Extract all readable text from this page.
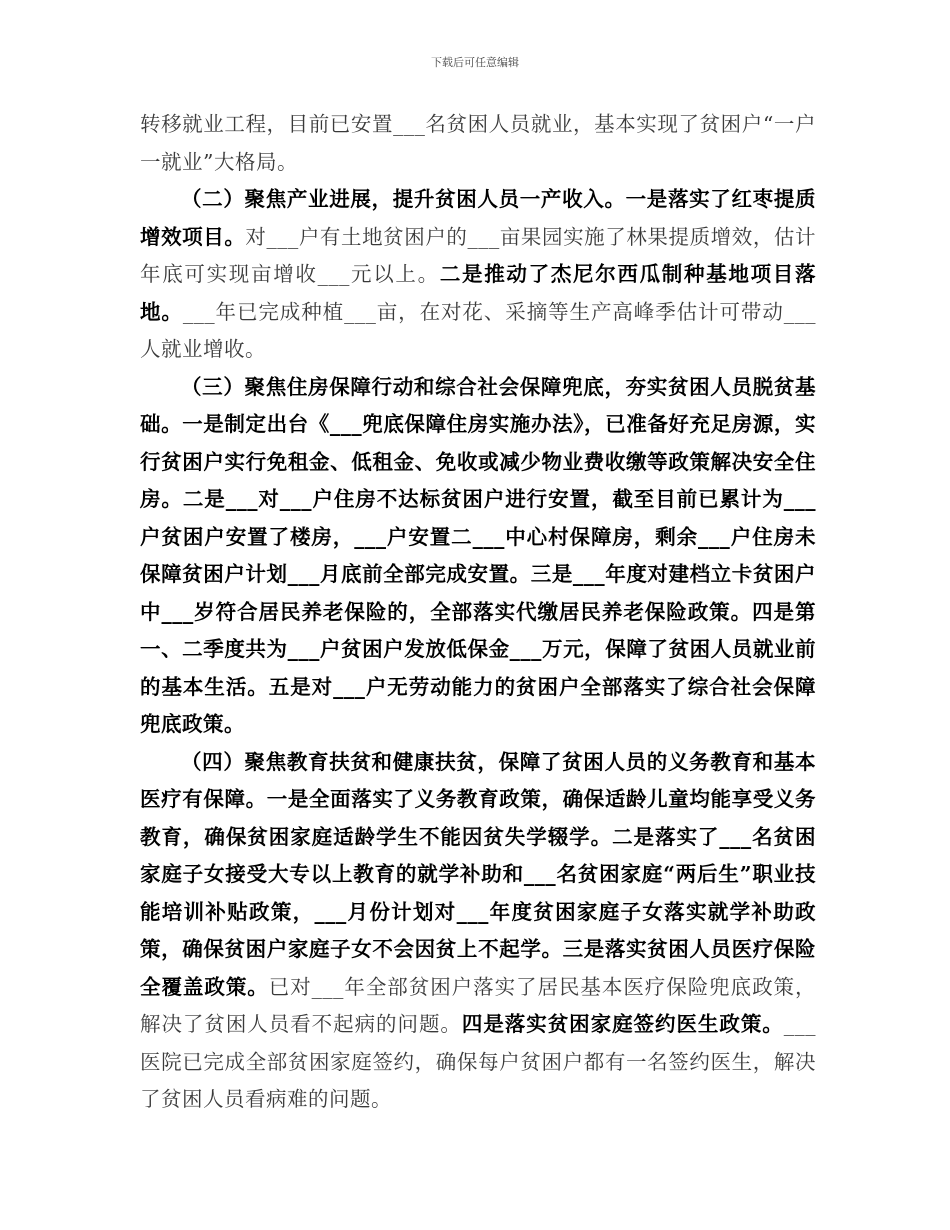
下载后可任意编辑

转移就业工程，目前已安置___名贫困人员就业，基本实现了贫困户“一户一就业”大格局。

（二）聚焦产业进展，提升贫困人员一产收入。一是落实了红枣提质增效项目。对___户有土地贫困户的___亩果园实施了林果提质增效，估计年底可实现亩增收___元以上。二是推动了杰尼尔西瓜制种基地项目落地。___年已完成种植___亩，在对花、采摘等生产高峰季估计可带动___人就业增收。

（三）聚焦住房保障行动和综合社会保障兜底，夯实贫困人员脱贫基础。一是制定出台《___兜底保障住房实施办法》，已准备好充足房源，实行贫困户实行免租金、低租金、免收或减少物业费收缴等政策解决安全住房。二是___对___户住房不达标贫困户进行安置，截至目前已累计为___户贫困户安置了楼房，___户安置二___中心村保障房，剩余___户住房未保障贫困户计划___月底前全部完成安置。三是___年度对建档立卡贫困户中___岁符合居民养老保险的，全部落实代缴居民养老保险政策。四是第一、二季度共为___户贫困户发放低保金___万元，保障了贫困人员就业前的基本生活。五是对___户无劳动能力的贫困户全部落实了综合社会保障兜底政策。

（四）聚焦教育扶贫和健康扶贫，保障了贫困人员的义务教育和基本医疗有保障。一是全面落实了义务教育政策，确保适龄儿童均能享受义务教育，确保贫困家庭适龄学生不能因贫失学辍学。二是落实了___名贫困家庭子女接受大专以上教育的就学补助和___名贫困家庭“两后生”职业技能培训补贴政策，___月份计划对___年度贫困家庭子女落实就学补助政策，确保贫困户家庭子女不会因贫上不起学。三是落实贫困人员医疗保险全覆盖政策。已对___年全部贫困户落实了居民基本医疗保险兜底政策，解决了贫困人员看不起病的问题。四是落实贫困家庭签约医生政策。___医院已完成全部贫困家庭签约，确保每户贫困户都有一名签约医生，解决了贫困人员看病难的问题。
